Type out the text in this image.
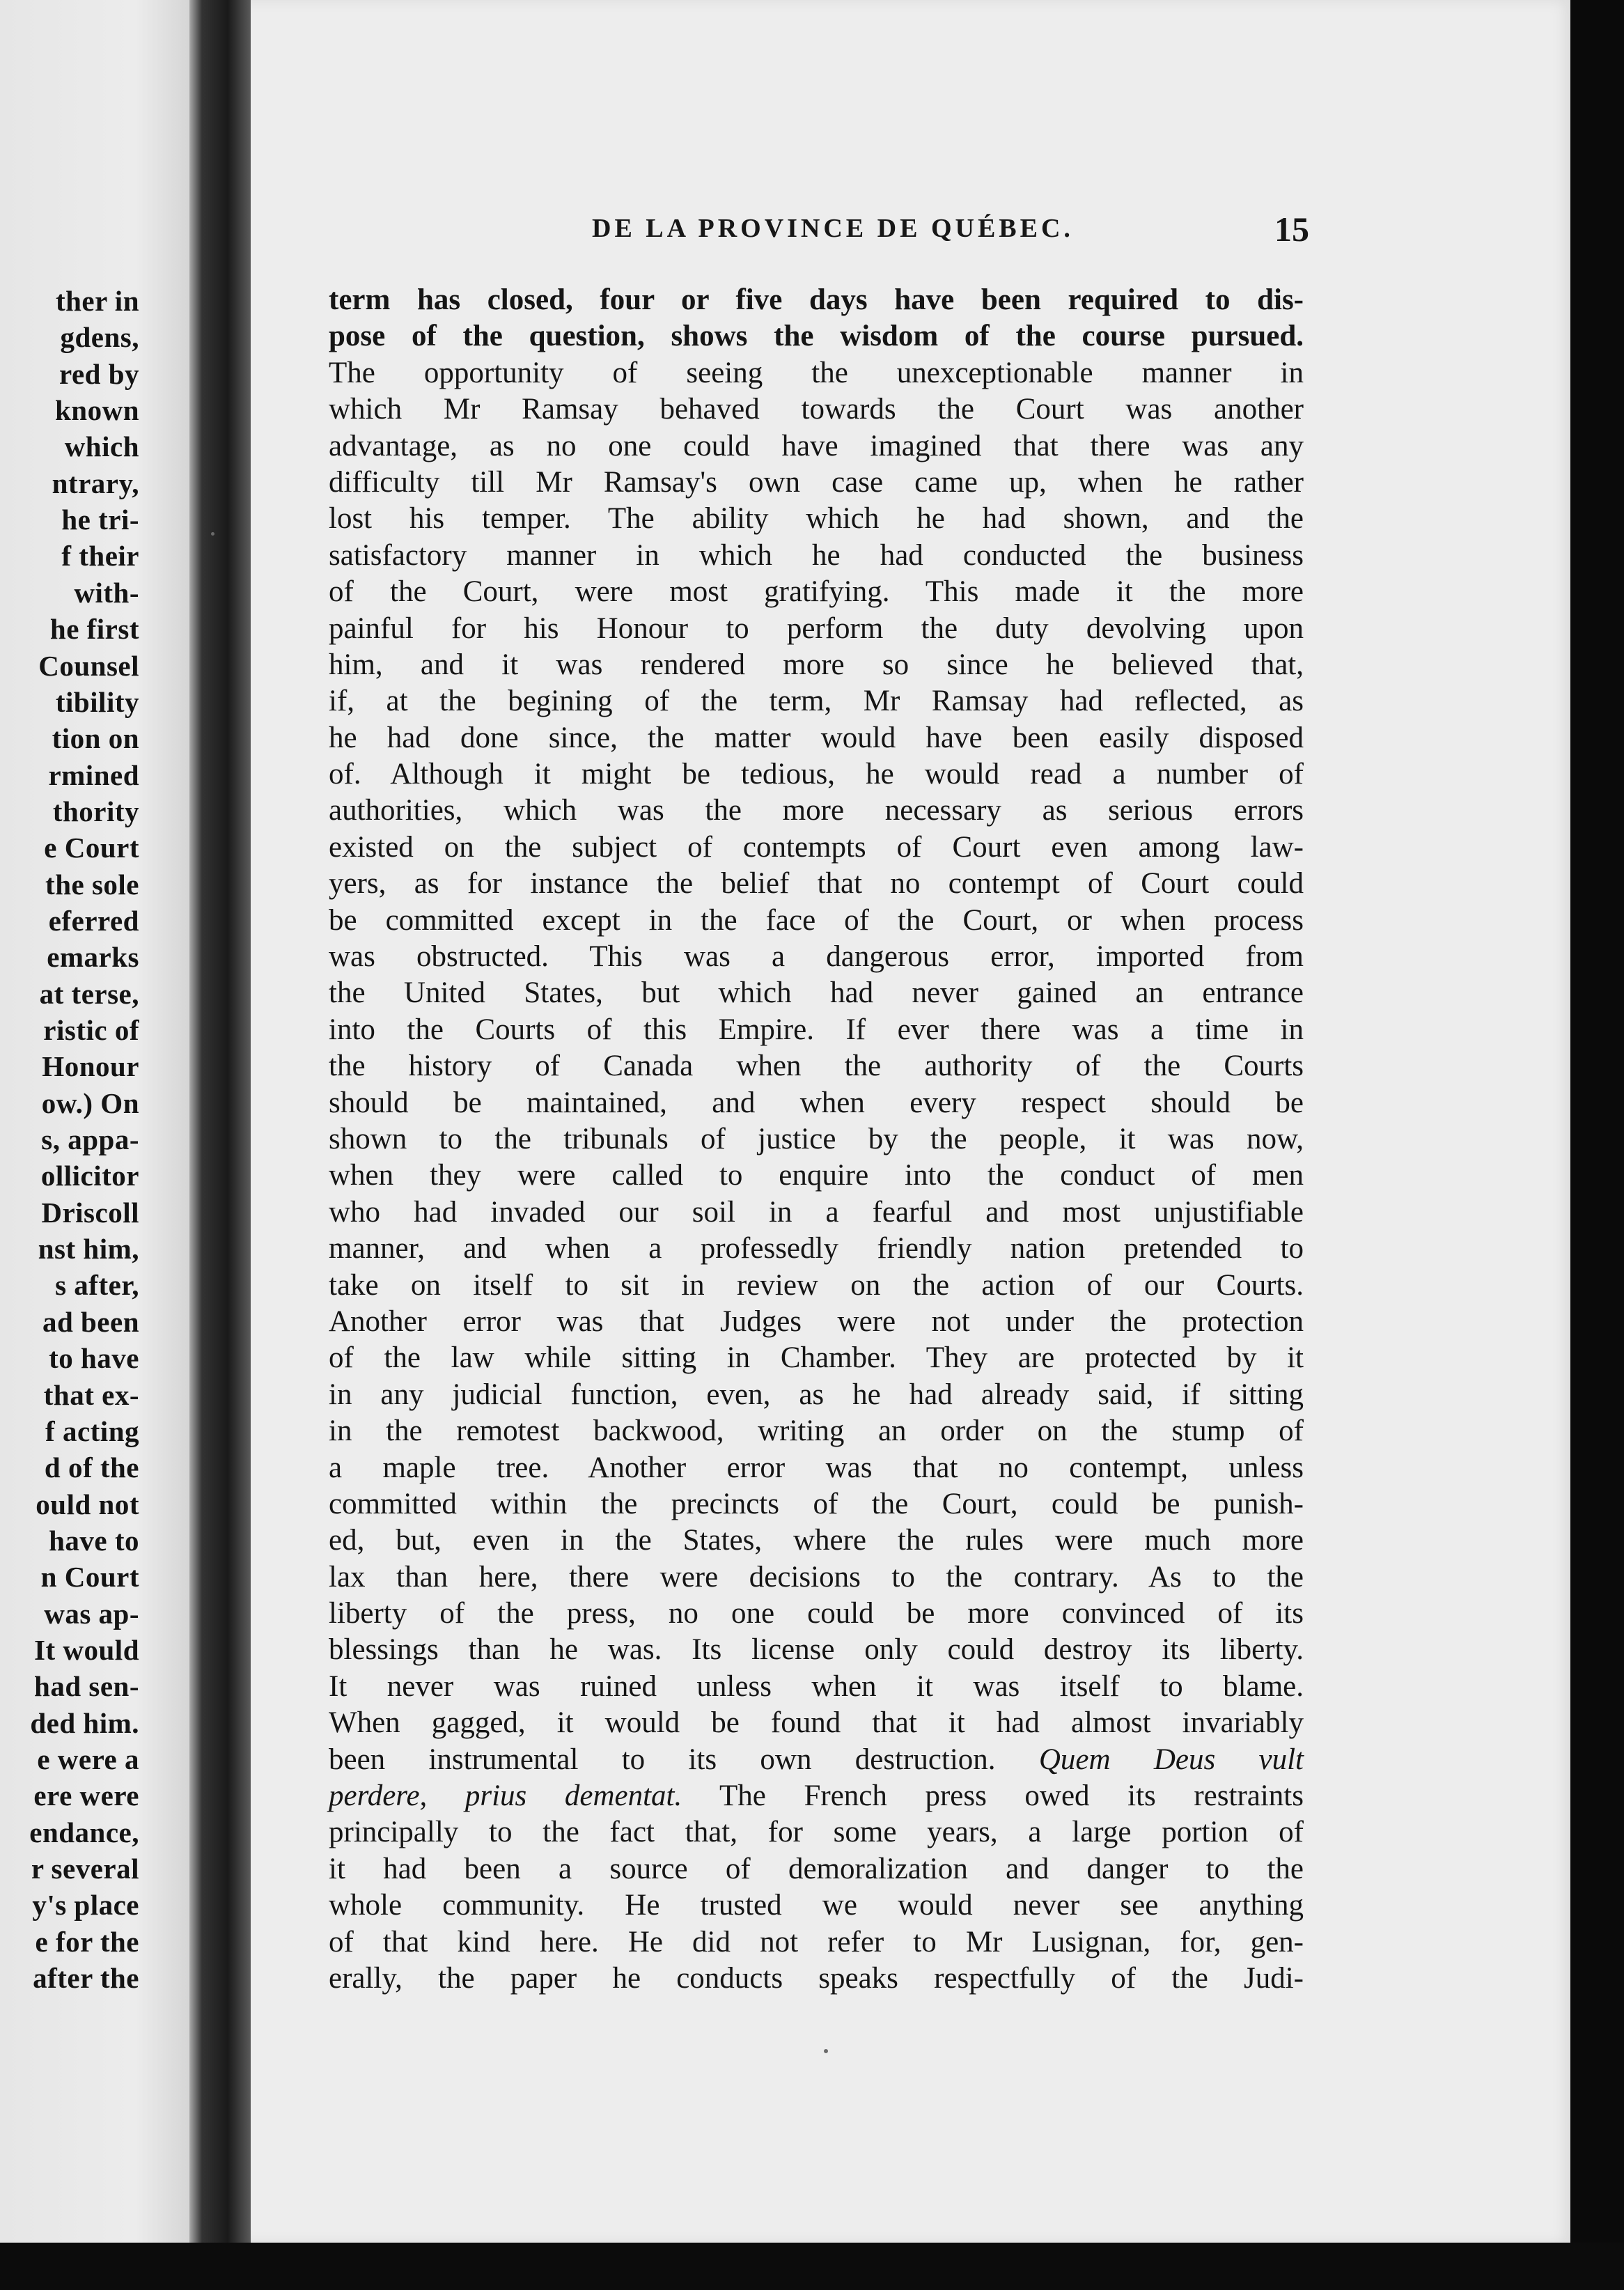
ther in
gdens,
red by
known
which
ntrary,
he tri-
f their
with-
he first
Counsel
tibility
tion on
rmined
thority
e Court
the sole
eferred
emarks
at terse,
ristic of
Honour
ow.) On
s, appa-
ollicitor
Driscoll
nst him,
s after,
ad been
to have
that ex-
f acting
d of the
ould not
have to
n Court
was ap-
It would
had sen-
ded him.
e were a
ere were
endance,
r several
y's place
e for the
after the
DE LA PROVINCE DE QUÉBEC.	15
term has closed, four or five days have been required to dis-
pose of the question, shows the wisdom of the course pursued.
The opportunity of seeing the unexceptionable manner in
which Mr Ramsay behaved towards the Court was another
advantage, as no one could have imagined that there was any
difficulty till Mr Ramsay's own case came up, when he rather
lost his temper. The ability which he had shown, and the
satisfactory manner in which he had conducted the business
of the Court, were most gratifying. This made it the more
painful for his Honour to perform the duty devolving upon
him, and it was rendered more so since he believed that,
if, at the begining of the term, Mr Ramsay had reflected, as
he had done since, the matter would have been easily disposed
of. Although it might be tedious, he would read a number of
authorities, which was the more necessary as serious errors
existed on the subject of contempts of Court even among law-
yers, as for instance the belief that no contempt of Court could
be committed except in the face of the Court, or when process
was obstructed. This was a dangerous error, imported from
the United States, but which had never gained an entrance
into the Courts of this Empire. If ever there was a time in
the history of Canada when the authority of the Courts
should be maintained, and when every respect should be
shown to the tribunals of justice by the people, it was now,
when they were called to enquire into the conduct of men
who had invaded our soil in a fearful and most unjustifiable
manner, and when a professedly friendly nation pretended to
take on itself to sit in review on the action of our Courts.
Another error was that Judges were not under the protection
of the law while sitting in Chamber. They are protected by it
in any judicial function, even, as he had already said, if sitting
in the remotest backwood, writing an order on the stump of
a maple tree. Another error was that no contempt, unless
committed within the precincts of the Court, could be punish-
ed, but, even in the States, where the rules were much more
lax than here, there were decisions to the contrary. As to the
liberty of the press, no one could be more convinced of its
blessings than he was. Its license only could destroy its liberty.
It never was ruined unless when it was itself to blame.
When gagged, it would be found that it had almost invariably
been instrumental to its own destruction. Quem Deus vult
perdere, prius dementat. The French press owed its restraints
principally to the fact that, for some years, a large portion of
it had been a source of demoralization and danger to the
whole community. He trusted we would never see anything
of that kind here. He did not refer to Mr Lusignan, for, gen-
erally, the paper he conducts speaks respectfully of the Judi-
